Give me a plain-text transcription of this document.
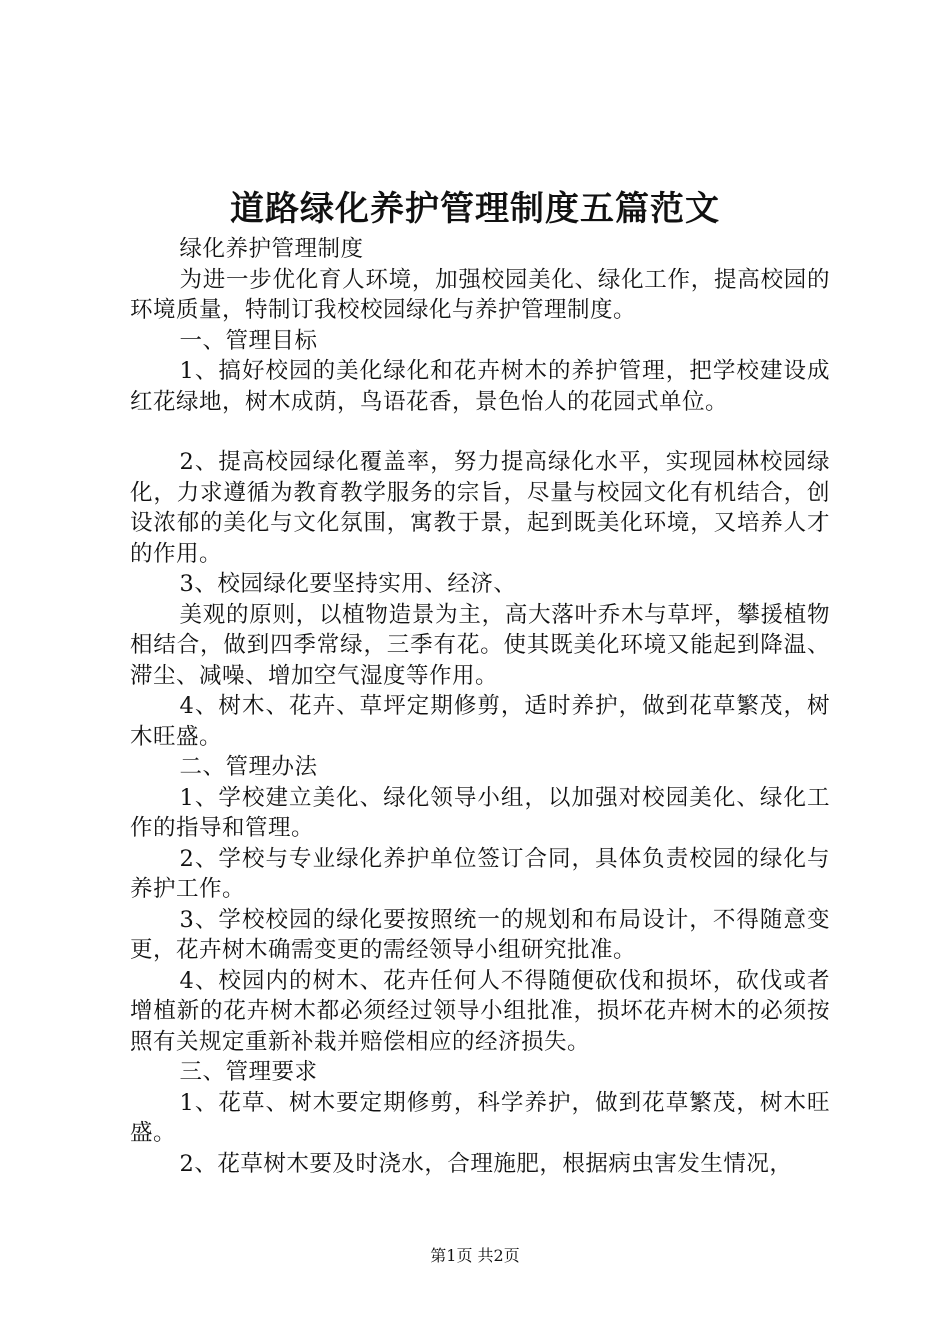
道路绿化养护管理制度五篇范文

绿化养护管理制度

为进一步优化育人环境，加强校园美化、绿化工作，提高校园的环境质量，特制订我校校园绿化与养护管理制度。

一、管理目标

1、搞好校园的美化绿化和花卉树木的养护管理，把学校建设成红花绿地，树木成荫，鸟语花香，景色怡人的花园式单位。

2、提高校园绿化覆盖率，努力提高绿化水平，实现园林校园绿化，力求遵循为教育教学服务的宗旨，尽量与校园文化有机结合，创设浓郁的美化与文化氛围，寓教于景，起到既美化环境，又培养人才的作用。

3、校园绿化要坚持实用、经济、

美观的原则，以植物造景为主，高大落叶乔木与草坪，攀援植物相结合，做到四季常绿，三季有花。使其既美化环境又能起到降温、滞尘、减噪、增加空气湿度等作用。

4、树木、花卉、草坪定期修剪，适时养护，做到花草繁茂，树木旺盛。

二、管理办法

1、学校建立美化、绿化领导小组，以加强对校园美化、绿化工作的指导和管理。

2、学校与专业绿化养护单位签订合同，具体负责校园的绿化与养护工作。

3、学校校园的绿化要按照统一的规划和布局设计，不得随意变更，花卉树木确需变更的需经领导小组研究批准。

4、校园内的树木、花卉任何人不得随便砍伐和损坏，砍伐或者增植新的花卉树木都必须经过领导小组批准，损坏花卉树木的必须按照有关规定重新补栽并赔偿相应的经济损失。

三、管理要求

1、花草、树木要定期修剪，科学养护，做到花草繁茂，树木旺盛。

2、花草树木要及时浇水，合理施肥，根据病虫害发生情况，

第1页 共2页
